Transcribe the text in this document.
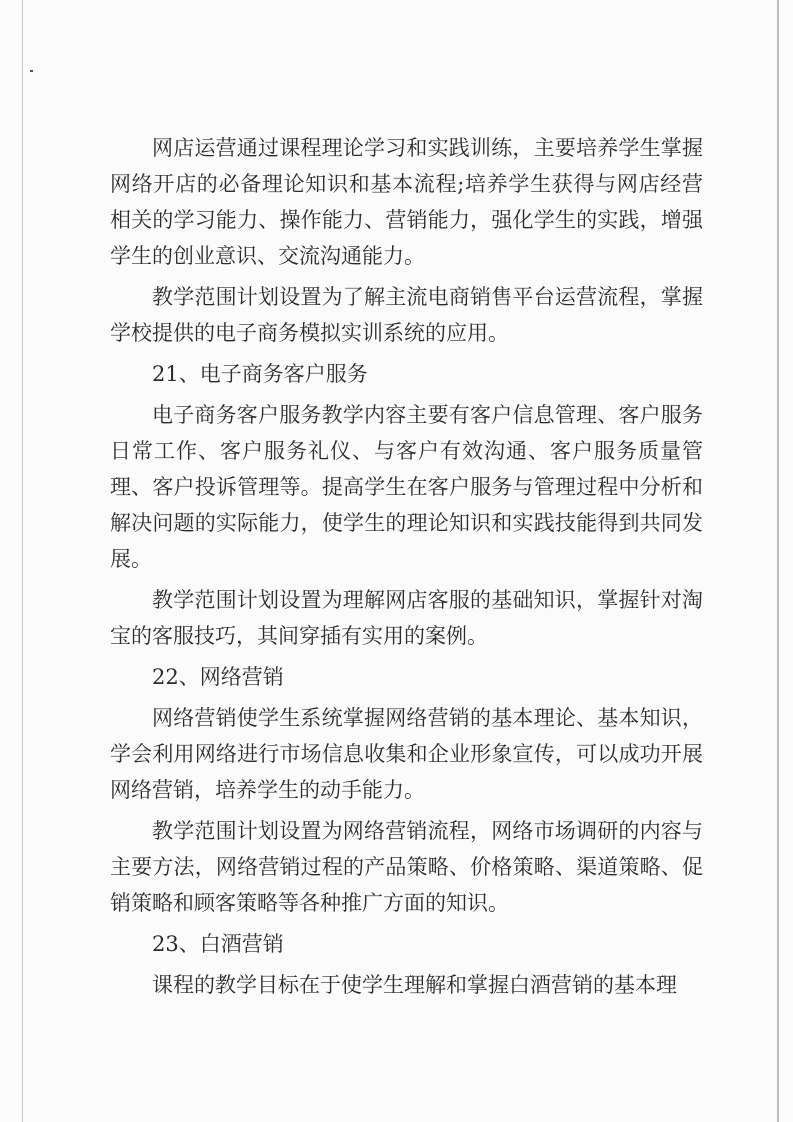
网店运营通过课程理论学习和实践训练，主要培养学生掌握网络开店的必备理论知识和基本流程;培养学生获得与网店经营相关的学习能力、操作能力、营销能力，强化学生的实践，增强学生的创业意识、交流沟通能力。

教学范围计划设置为了解主流电商销售平台运营流程，掌握学校提供的电子商务模拟实训系统的应用。

21、电子商务客户服务

电子商务客户服务教学内容主要有客户信息管理、客户服务日常工作、客户服务礼仪、与客户有效沟通、客户服务质量管理、客户投诉管理等。提高学生在客户服务与管理过程中分析和解决问题的实际能力，使学生的理论知识和实践技能得到共同发展。

教学范围计划设置为理解网店客服的基础知识，掌握针对淘宝的客服技巧，其间穿插有实用的案例。

22、网络营销

网络营销使学生系统掌握网络营销的基本理论、基本知识，学会利用网络进行市场信息收集和企业形象宣传，可以成功开展网络营销，培养学生的动手能力。

教学范围计划设置为网络营销流程，网络市场调研的内容与主要方法，网络营销过程的产品策略、价格策略、渠道策略、促销策略和顾客策略等各种推广方面的知识。

23、白酒营销

课程的教学目标在于使学生理解和掌握白酒营销的基本理
